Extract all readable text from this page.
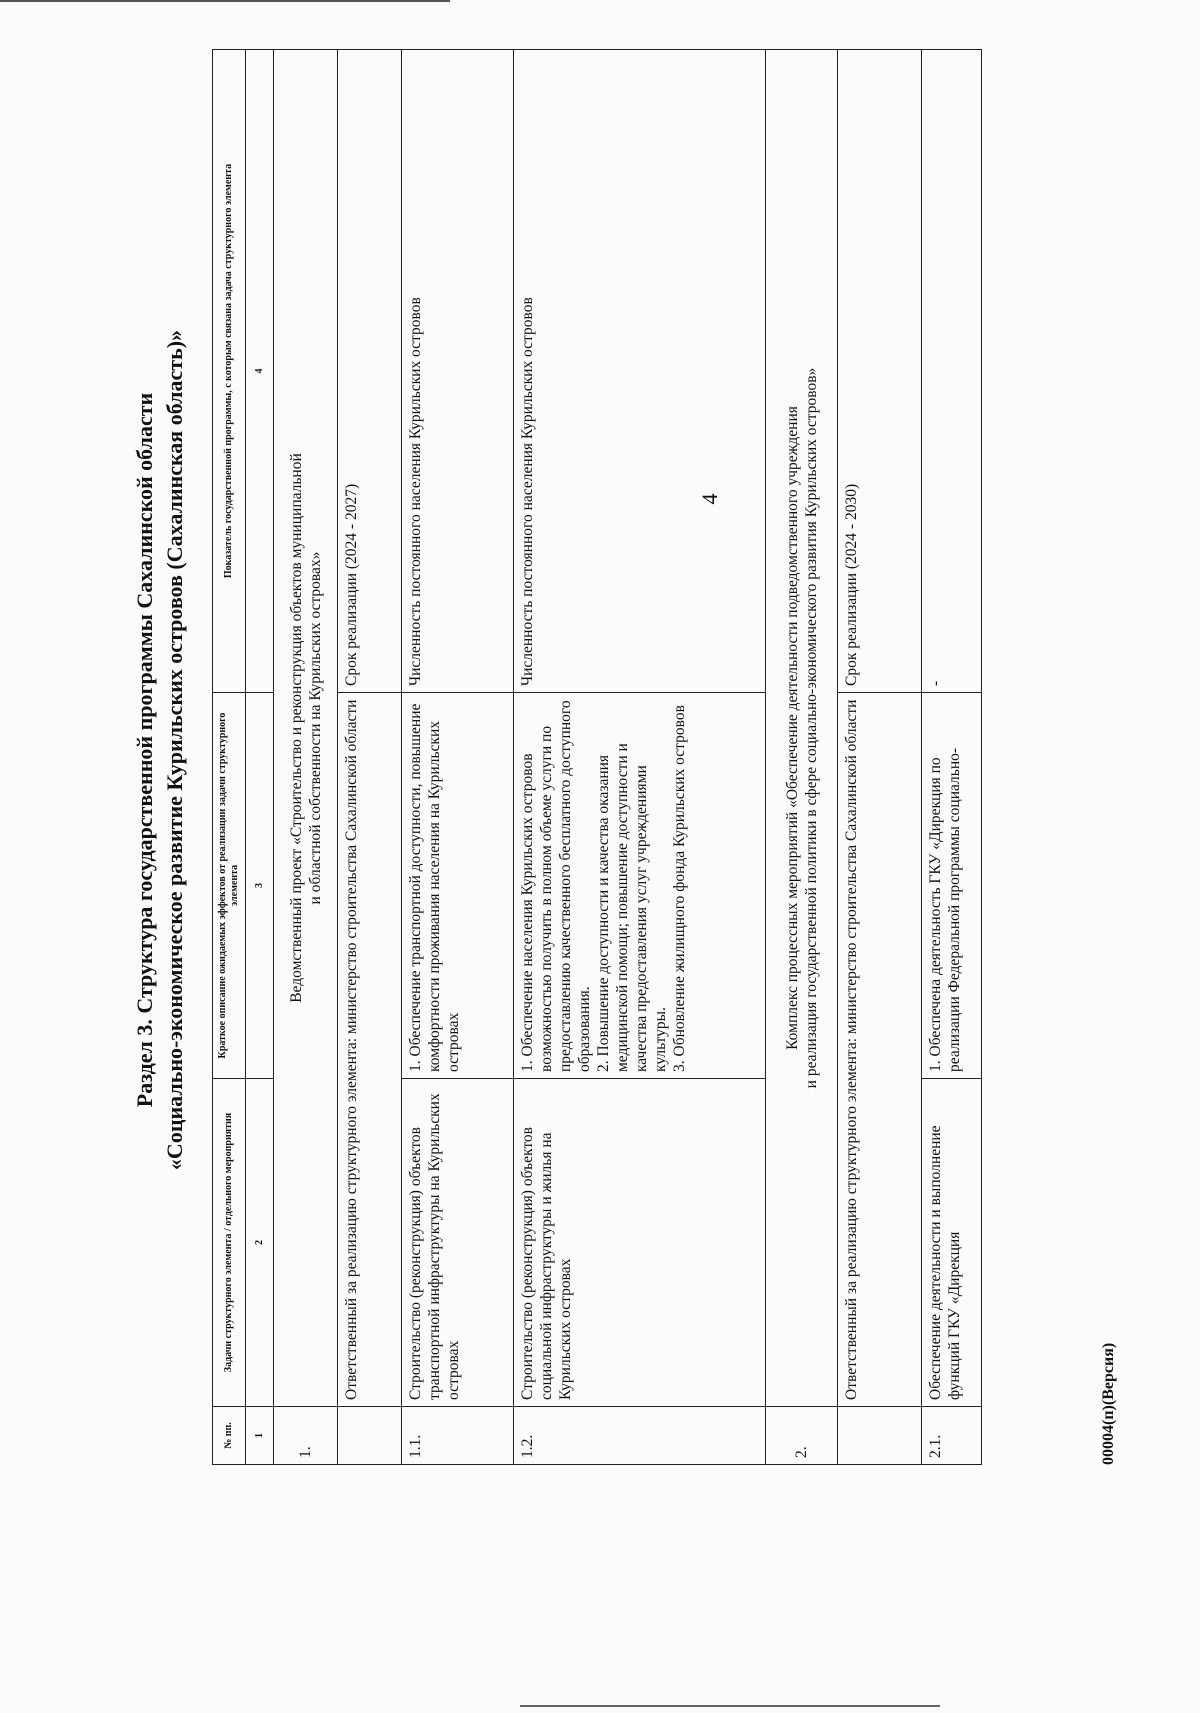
4
Раздел 3. Структура государственной программы Сахалинской области «Социально-экономическое развитие Курильских островов (Сахалинская область)»
№ пп.	Задачи структурного элемента / отдельного мероприятия	Краткое описание ожидаемых эффектов от реализации задачи структурного элемента	Показатель государственной программы, с которым связана задача структурного элемента
1	2	3	4
1.	Ведомственный проект «Строительство и реконструкция объектов муниципальной и областной собственности на Курильских островах»		

	Ответственный за реализацию структурного элемента: министерство строительства Сахалинской области		Срок реализации (2024 - 2027)
1.1.	Строительство (реконструкция) объектов транспортной инфраструктуры на Курильских островах	1. Обеспечение транспортной доступности, повышение комфортности проживания населения на Курильских островах	Численность постоянного населения Курильских островов
1.2.	Строительство (реконструкция) объектов социальной инфраструктуры и жилья на Курильских островах	1. Обеспечение населения Курильских островов возможностью получить в полном объеме услуги по предоставлению качественного бесплатного доступного образования. 2. Повышение доступности и качества оказания медицинской помощи; повышение доступности и качества предоставления услуг учреждениями культуры. 3. Обновление жилищного фонда Курильских островов	Численность постоянного населения Курильских островов
2.	Комплекс процессных мероприятий «Обеспечение деятельности подведомственного учреждения и реализация государственной политики в сфере социально-экономического развития Курильских островов»		

	Ответственный за реализацию структурного элемента: министерство строительства Сахалинской области		Срок реализации (2024 - 2030)
2.1.	Обеспечение деятельности и выполнение функций ГКУ «Дирекция	1. Обеспечена деятельность ГКУ «Дирекция по реализации Федеральной программы социально-	-
00004(п)(Версия)
